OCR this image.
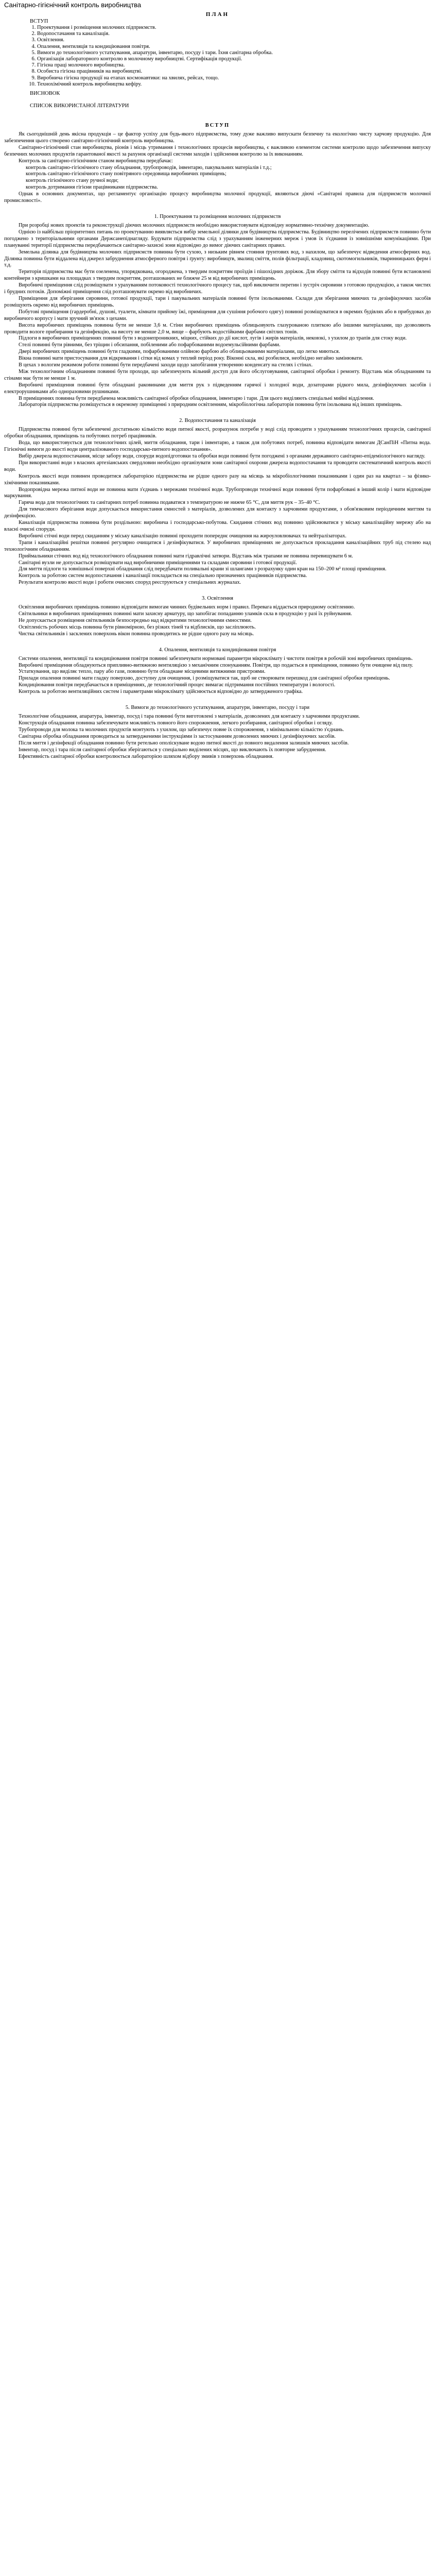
Санітарно-гігієнічний контроль виробництва
ПЛАН
ВСТУП
1. Проектування і розміщення молочних підприємств.
2. Водопостачання та каналізація.
3. Освітлення.
4. Опалення, вентиляція та кондиціювання повітря.
5. Вимоги до технологічного устаткування, апаратури, інвентарю, посуду і тари. Їхня санітарна обробка.
6. Організація лабораторного контролю в молочному виробництві. Сертифікація продукції.
7. Гігієна праці молочного виробництва.
8. Особиста гігієна працівників на виробництві.
9. Виробнича гігієна продукції на етапах космонавтики: на хвилях, рейсах, тощо.
10. Технохімічний контроль виробництва кефіру.
ВИСНОВОК
СПИСОК ВИКОРИСТАНОЇ ЛІТЕРАТУРИ
ВСТУП

Як сьогоднішній день якісна продукція – це фактор успіху для будь-якого підприємства, тому дуже важливо випускати безпечну та екологічно чисту харчову продукцію. Для забезпечення цього створено санітарно-гігієнічний контроль виробництва.

Санітарно-гігієнічний стан виробництва, ріонів і місць утримання і технологічних процесів виробництва, є важливою елементом системи контролю щодо забезпечення випуску безпечних молочних продуктів гарантованої якості за рахунок організації системи заходів і здійснення контролю за їх виконанням.

Контроль за санітарно-гігієнічним станом виробництва передбачає:

контроль санітарно-гігієнічного стану обладнання, трубопроводів, інвентарю, пакувальних матеріалів і т.д.;

контроль санітарно-гігієнічного стану повітряного середовища виробничих приміщень;

контроль гігієнічного стану ручної води;

контроль дотримання гігієни працівниками підприємства.

Однак в основних документах, що регламентує організацію процесу виробництва молочної продукції, являються діючі «Санітарні правила для підприємств молочної промисловості».

1. Проектування та розміщення молочних підприємств

При розробці нових проектів та реконструкції діючих молочних підприємств необхідно використовувати відповідну нормативно-технічну документацію.

Однією із найбільш пріоритетних питань по проектуванню виявляється вибір земельної ділянки для будівництва підприємства. Будівництво перелічених підприємств повинно бути погоджено з територіальними органами Держсанепіднагляду. Будувати підприємства слід з урахуванням інженерних мереж і умов їх з'єднання із зовнішніми комунікаціями. При плануванні території підприємства передбачаються санітарно-захисні зони відповідно до вимог діючих санітарних правил.

Земельна ділянка для будівництва молочних підприємств повинна бути сухою, з низьким рівнем стояння ґрунтових вод, з нахилом, що забезпечує відведення атмосферних вод. Ділянка повинна бути віддалена від джерел забруднення атмосферного повітря і ґрунту: виробництв, звалищ сміття, полів фільтрації, кладовищ, скотомогильників, тваринницьких ферм і т.д.

Територія підприємства має бути озеленена, упорядкована, огороджена, з твердим покриттям проїздів і пішохідних доріжок. Для збору сміття та відходів повинні бути встановлені контейнери з кришками на площадках з твердим покриттям, розташованих не ближче 25 м від виробничих приміщень.

Виробничі приміщення слід розміщувати з урахуванням потоковості технологічного процесу так, щоб виключити перетин і зустріч сировини з готовою продукцією, а також чистих і брудних потоків. Допоміжні приміщення слід розташовувати окремо від виробничих.

Приміщення для зберігання сировини, готової продукції, тари і пакувальних матеріалів повинні бути ізольованими. Склади для зберігання миючих та дезінфікуючих засобів розміщують окремо від виробничих приміщень.

Побутові приміщення (гардеробні, душові, туалети, кімнати прийому їжі, приміщення для сушіння робочого одягу) повинні розміщуватися в окремих будівлях або в прибудовах до виробничого корпусу і мати зручний зв'язок з цехами.

Висота виробничих приміщень повинна бути не менше 3,6 м. Стіни виробничих приміщень облицьовують глазурованою плиткою або іншими матеріалами, що дозволяють проводити вологе прибирання та дезінфекцію, на висоту не менше 2,0 м, вище – фарбують водостійкими фарбами світлих тонів.

Підлоги в виробничих приміщеннях повинні бути з водонепроникних, міцних, стійких до дії кислот, лугів і жирів матеріалів, нековзкі, з ухилом до трапів для стоку води.

Стелі повинні бути рівними, без тріщин і обсипання, побіленими або пофарбованими водоемульсійними фарбами.

Двері виробничих приміщень повинні бути гладкими, пофарбованими олійною фарбою або облицьованими матеріалами, що легко миються.

Вікна повинні мати пристосування для відкривання і сітки від комах у теплий період року. Віконні скла, які розбилися, необхідно негайно замінювати.

В цехах з вологим режимом роботи повинні бути передбачені заходи щодо запобігання утворенню конденсату на стелях і стінах.

Між технологічним обладнанням повинні бути проходи, що забезпечують вільний доступ для його обслуговування, санітарної обробки і ремонту. Відстань між обладнанням та стінами має бути не менше 1 м.

Виробничі приміщення повинні бути обладнані раковинами для миття рук з підведенням гарячої і холодної води, дозаторами рідкого мила, дезінфікуючих засобів і електрорушниками або одноразовими рушниками.

В приміщеннях повинна бути передбачена можливість санітарної обробки обладнання, інвентарю і тари. Для цього виділяють спеціальні мийні відділення.

Лабораторія підприємства розміщується в окремому приміщенні з природним освітленням, мікробіологічна лабораторія повинна бути ізольована від інших приміщень.

2. Водопостачання та каналізація

Підприємства повинні бути забезпечені достатньою кількістю води питної якості, розрахунок потреби у воді слід проводити з урахуванням технологічних процесів, санітарної обробки обладнання, приміщень та побутових потреб працівників.

Вода, що використовується для технологічних цілей, миття обладнання, тари і інвентарю, а також для побутових потреб, повинна відповідати вимогам ДСанПіН «Питна вода. Гігієнічні вимоги до якості води централізованого господарсько-питного водопостачання».

Вибір джерела водопостачання, місце забору води, споруди водопідготовки та обробки води повинні бути погоджені з органами державного санітарно-епідеміологічного нагляду.

При використанні води з власних артезіанських свердловин необхідно організувати зони санітарної охорони джерела водопостачання та проводити систематичний контроль якості води.

Контроль якості води повинен проводитися лабораторією підприємства не рідше одного разу на місяць за мікробіологічними показниками і один раз на квартал – за фізико-хімічними показниками.

Водопровідна мережа питної води не повинна мати з'єднань з мережами технічної води. Трубопроводи технічної води повинні бути пофарбовані в інший колір і мати відповідне маркування.

Гаряча вода для технологічних та санітарних потреб повинна подаватися з температурою не нижче 65 °С, для миття рук – 35–40 °С.

Для тимчасового зберігання води допускається використання ємностей з матеріалів, дозволених для контакту з харчовими продуктами, з обов'язковим періодичним миттям та дезінфекцією.

Каналізація підприємства повинна бути роздільною: виробнича і господарсько-побутова. Скидання стічних вод повинно здійснюватися у міську каналізаційну мережу або на власні очисні споруди.

Виробничі стічні води перед скиданням у міську каналізацію повинні проходити попереднє очищення на жироуловлювачах та нейтралізаторах.

Трапи і каналізаційні решітки повинні регулярно очищатися і дезінфікуватися. У виробничих приміщеннях не допускається прокладання каналізаційних труб під стелею над технологічним обладнанням.

Приймальники стічних вод від технологічного обладнання повинні мати гідравлічні затвори. Відстань між трапами не повинна перевищувати 6 м.

Санітарні вузли не допускається розміщувати над виробничими приміщеннями та складами сировини і готової продукції.

Для миття підлоги та зовнішньої поверхні обладнання слід передбачати поливальні крани зі шлангами з розрахунку один кран на 150–200 м² площі приміщення.

Контроль за роботою систем водопостачання і каналізації покладається на спеціально призначених працівників підприємства.

Результати контролю якості води і роботи очисних споруд реєструються у спеціальних журналах.

3. Освітлення

Освітлення виробничих приміщень повинно відповідати вимогам чинних будівельних норм і правил. Перевага віддається природному освітленню.

Світильники в виробничих приміщеннях повинні мати захисну арматуру, що запобігає попаданню уламків скла в продукцію у разі їх руйнування.

Не допускається розміщення світильників безпосередньо над відкритими технологічними ємностями.

Освітленість робочих місць повинна бути рівномірною, без різких тіней та відблисків, що засліплюють.

Чистка світильників і засклених поверхонь вікон повинна проводитись не рідше одного разу на місяць.

4. Опалення, вентиляція та кондиціювання повітря

Системи опалення, вентиляції та кондиціювання повітря повинні забезпечувати нормовані параметри мікроклімату і чистоти повітря в робочій зоні виробничих приміщень.

Виробничі приміщення обладнуються припливно-витяжною вентиляцією з механічним спонуканням. Повітря, що подається в приміщення, повинно бути очищене від пилу.

Устаткування, що виділяє тепло, пару або гази, повинно бути обладнане місцевими витяжними пристроями.

Прилади опалення повинні мати гладку поверхню, доступну для очищення, і розміщуватися так, щоб не створювати перешкод для санітарної обробки приміщень.

Кондиціювання повітря передбачається в приміщеннях, де технологічний процес вимагає підтримання постійних температури і вологості.

Контроль за роботою вентиляційних систем і параметрами мікроклімату здійснюється відповідно до затвердженого графіка.

5. Вимоги до технологічного устаткування, апаратури, інвентарю, посуду і тари

Технологічне обладнання, апаратура, інвентар, посуд і тара повинні бути виготовлені з матеріалів, дозволених для контакту з харчовими продуктами.

Конструкція обладнання повинна забезпечувати можливість повного його спорожнення, легкого розбирання, санітарної обробки і огляду.

Трубопроводи для молока та молочних продуктів монтують з ухилом, що забезпечує повне їх спорожнення, з мінімальною кількістю з'єднань.

Санітарна обробка обладнання проводиться за затвердженими інструкціями із застосуванням дозволених миючих і дезінфікуючих засобів.

Після миття і дезінфекції обладнання повинно бути ретельно ополіскуване водою питної якості до повного видалення залишків миючих засобів.

Інвентар, посуд і тара після санітарної обробки зберігаються у спеціально виділених місцях, що виключають їх повторне забруднення.

Ефективність санітарної обробки контролюється лабораторією шляхом відбору змивів з поверхонь обладнання.
